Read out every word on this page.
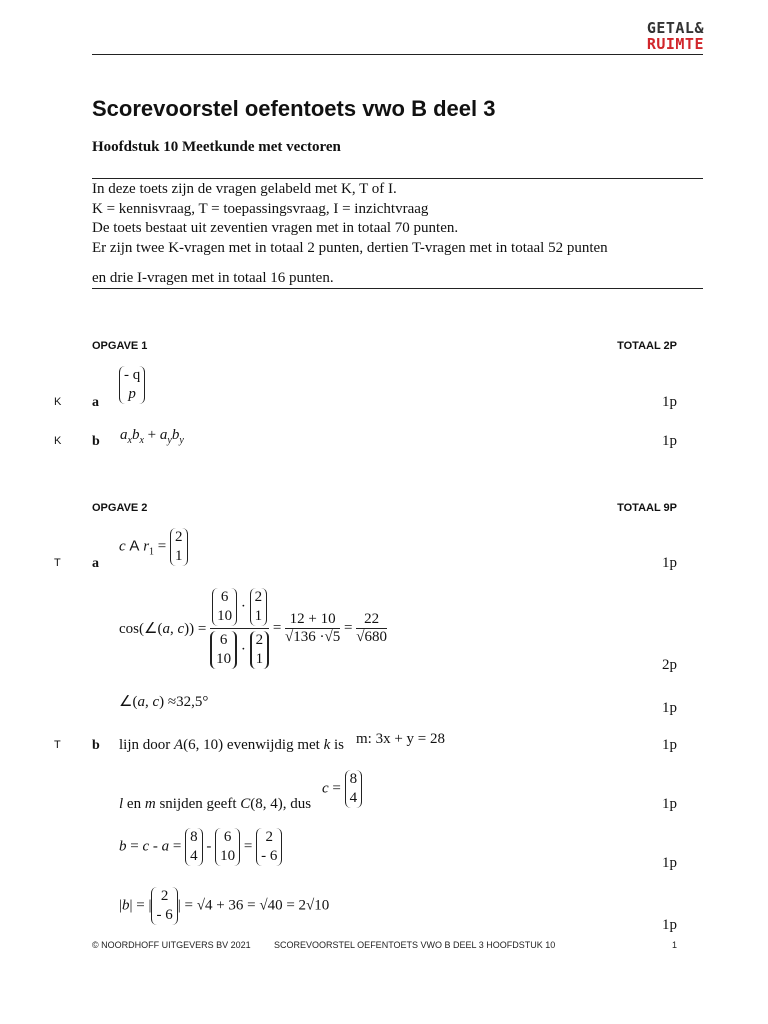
GETAL&
RUIMTE
Scorevoorstel oefentoets vwo B deel 3
Hoofdstuk 10 Meetkunde met vectoren
In deze toets zijn de vragen gelabeld met K, T of I.
K = kennisvraag, T = toepassingsvraag, I = inzichtvraag
De toets bestaat uit zeventien vragen met in totaal 70 punten.
Er zijn twee K-vragen met in totaal 2 punten, dertien T-vragen met in totaal 52 punten
en drie I-vragen met in totaal 16 punten.
OPGAVE 1	TOTAAL 2P
K a
- q
p	1p
K b $a_xb_x + a_yb_y$	1p
OPGAVE 2	TOTAAL 9P
T a
c A $r_1$ =
2
1	1p
cos(∠(a, c)) = 6
10
·
2
1
6
10
·
2
$1 = \frac{12 + 10}{√136 \cdot√5} = \frac{22}{√680}$
2p
∠(a, c) ≈32,5°	1p
T b lijn door A(6, 10) evenwijdig met k is m: 3x + y = 28	1p
c =
8
4
l en m snijden geeft C(8, 4), dus	1p
b = c - a =
8
4
-
6
10
=
2
- 6	1p
|b| = |
2
- 6
| = √4 + 36 = √40 = 2√10
1p
© NOORDHOFF UITGEVERS BV 2021	SCOREVOORSTEL OEFENTOETS VWO B DEEL 3 HOOFDSTUK 10	1
